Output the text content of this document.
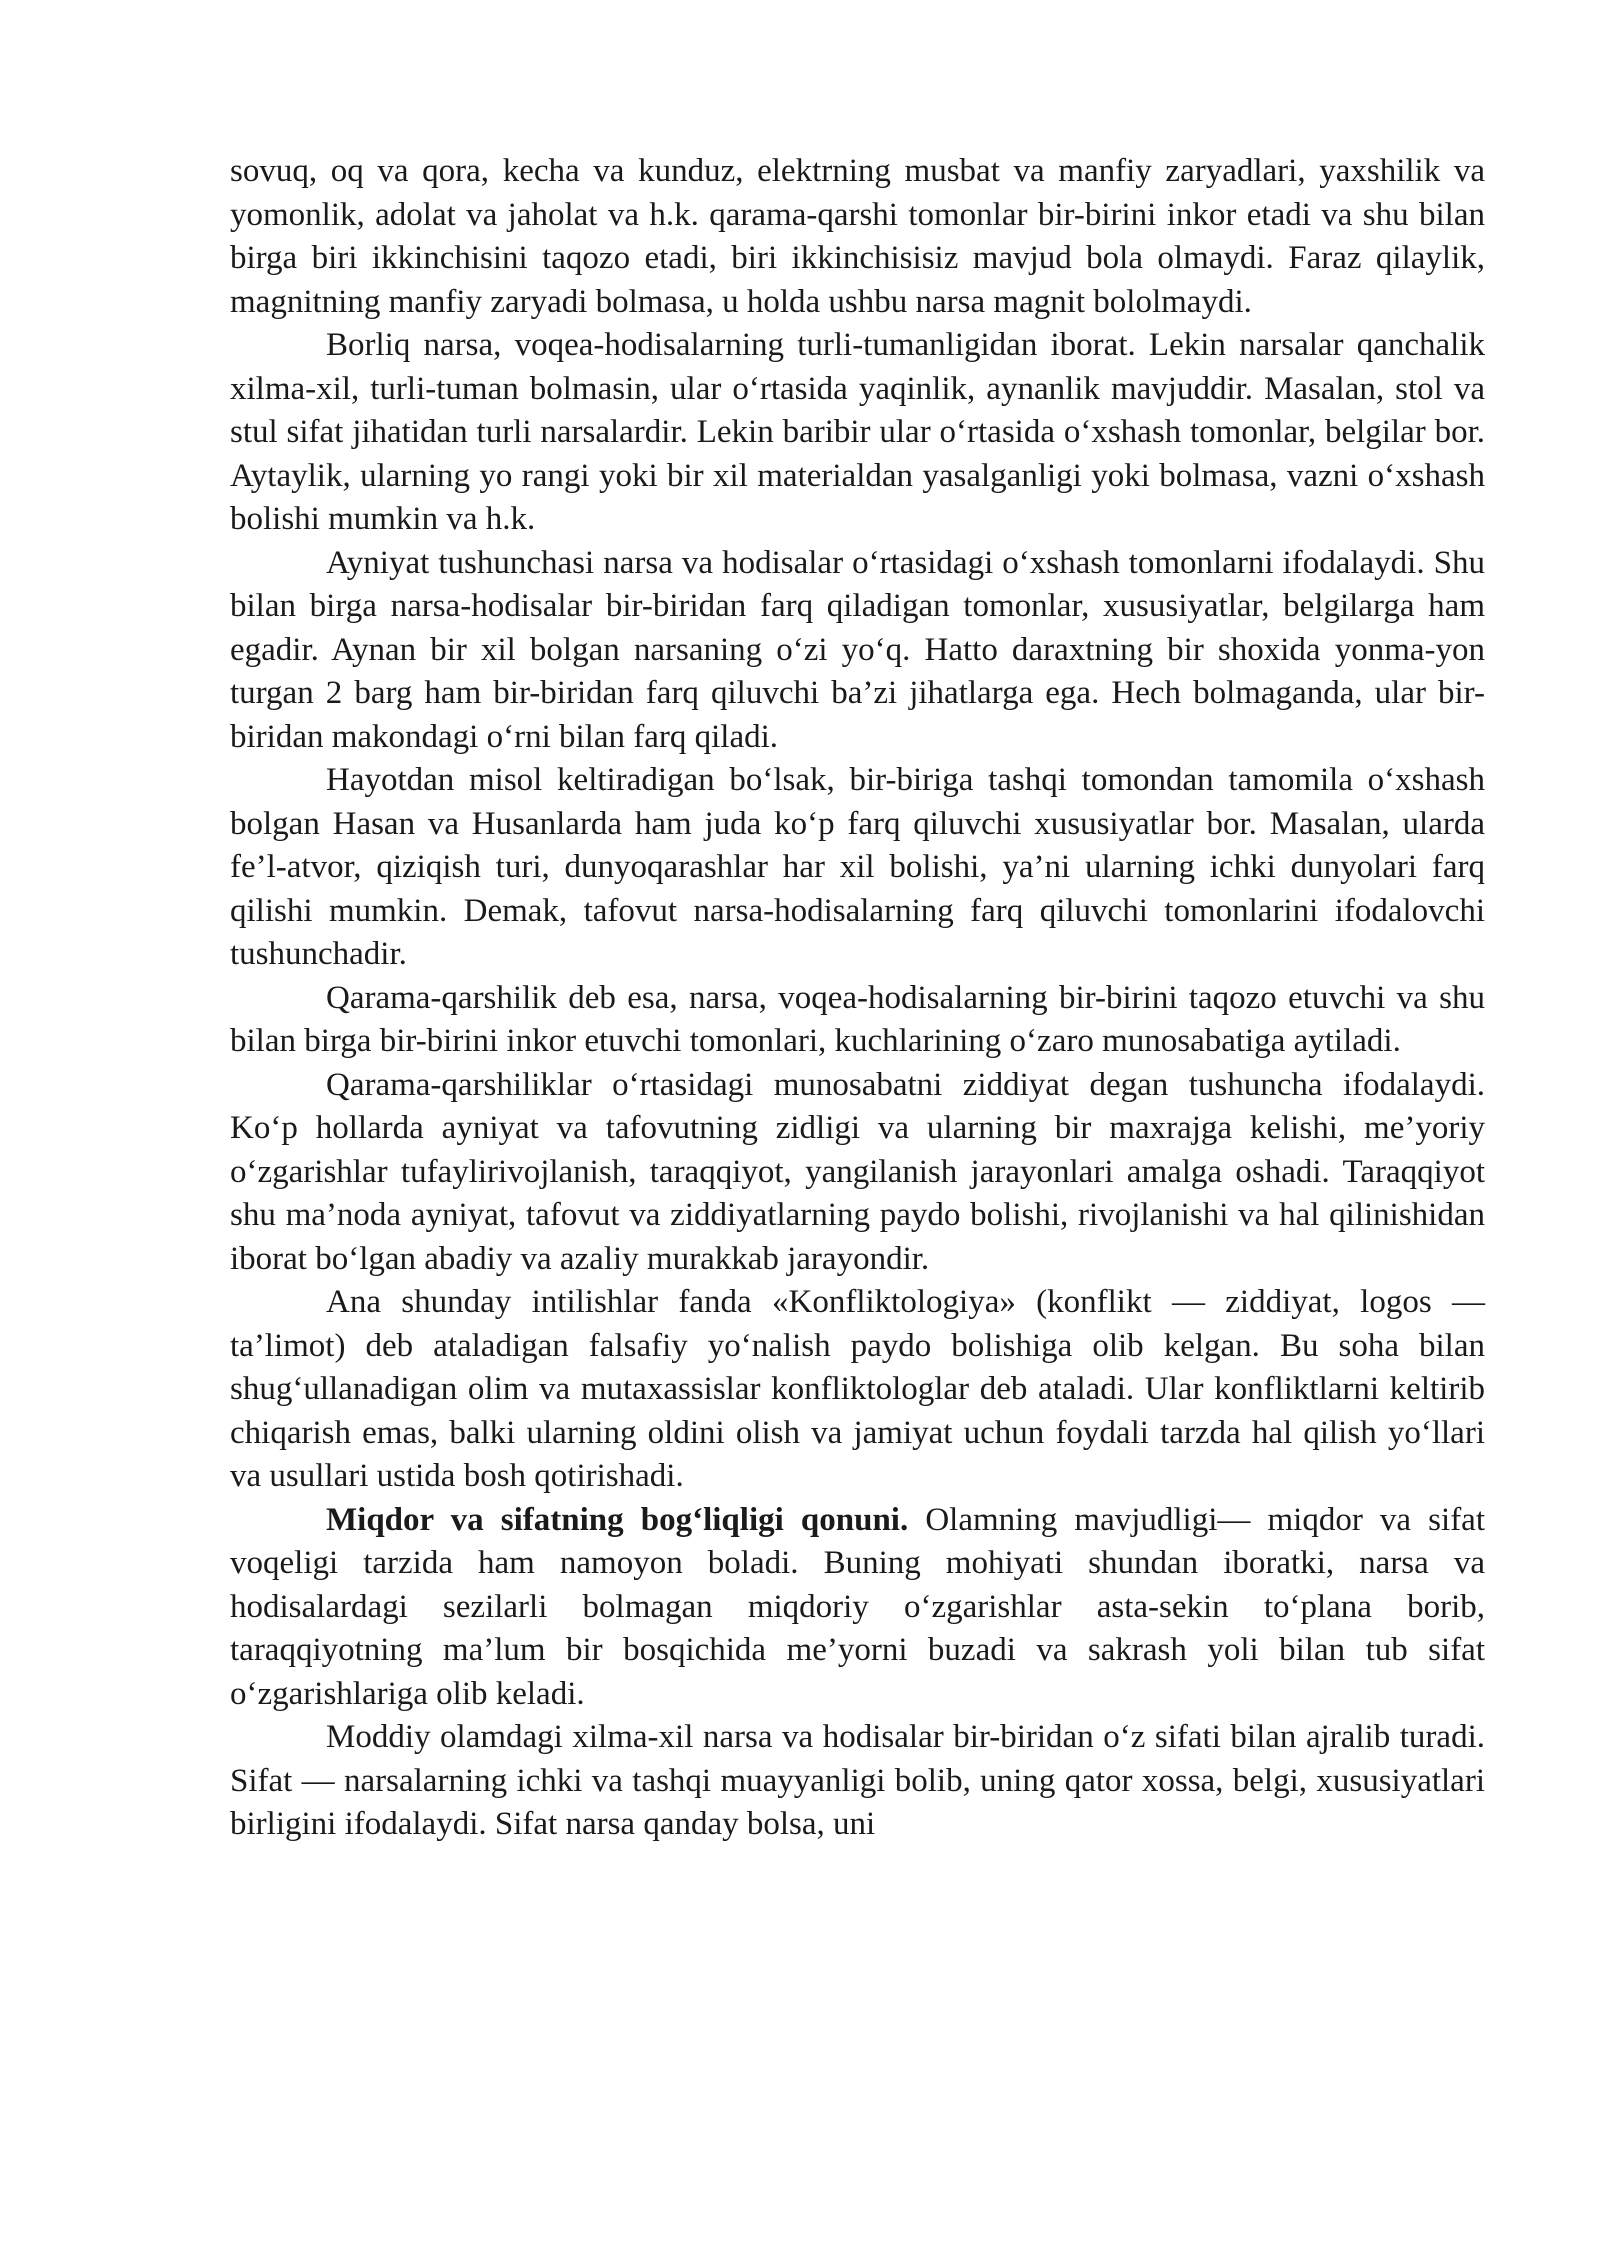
sovuq, oq va qora, kecha va kunduz, elektrning musbat va manfiy zaryadlari, yaxshilik va yomonlik, adolat va jaholat va h.k. qarama-qarshi tomonlar bir-birini inkor etadi va shu bilan birga biri ikkinchisini taqozo etadi, biri ikkinchisisiz mavjud bola olmaydi. Faraz qilaylik, magnitning manfiy zaryadi bolmasa, u holda ushbu narsa magnit bololmaydi.

Borliq narsa, voqea-hodisalarning turli-tumanligidan iborat. Lekin narsalar qanchalik xilma-xil, turli-tuman bolmasin, ular o‘rtasida yaqinlik, aynanlik mavjuddir. Masalan, stol va stul sifat jihatidan turli narsalardir. Lekin baribir ular o‘rtasida o‘xshash tomonlar, belgilar bor. Aytaylik, ularning yo rangi yoki bir xil materialdan yasalganligi yoki bolmasa, vazni o‘xshash bolishi mumkin va h.k.

Ayniyat tushunchasi narsa va hodisalar o‘rtasidagi o‘xshash tomonlarni ifodalaydi. Shu bilan birga narsa-hodisalar bir-biridan farq qiladigan tomonlar, xususiyatlar, belgilarga ham egadir. Aynan bir xil bolgan narsaning o‘zi yo‘q. Hatto daraxtning bir shoxida yonma-yon turgan 2 barg ham bir-biridan farq qiluvchi ba’zi jihatlarga ega. Hech bolmaganda, ular bir-biridan makondagi o‘rni bilan farq qiladi.

Hayotdan misol keltiradigan bo‘lsak, bir-biriga tashqi tomondan tamomila o‘xshash bolgan Hasan va Husanlarda ham juda ko‘p farq qiluvchi xususiyatlar bor. Masalan, ularda fe’l-atvor, qiziqish turi, dunyoqarashlar har xil bolishi, ya’ni ularning ichki dunyolari farq qilishi mumkin. Demak, tafovut narsa-hodisalarning farq qiluvchi tomonlarini ifodalovchi tushunchadir.

Qarama-qarshilik deb esa, narsa, voqea-hodisalarning bir-birini taqozo etuvchi va shu bilan birga bir-birini inkor etuvchi tomonlari, kuchlarining o‘zaro munosabatiga aytiladi.

Qarama-qarshiliklar o‘rtasidagi munosabatni ziddiyat degan tushuncha ifodalaydi. Ko‘p hollarda ayniyat va tafovutning zidligi va ularning bir maxrajga kelishi, me’yoriy o‘zgarishlar tufaylirivojlanish, taraqqiyot, yangilanish jarayonlari amalga oshadi. Taraqqiyot shu ma’noda ayniyat, tafovut va ziddiyatlarning paydo bolishi, rivojlanishi va hal qilinishidan iborat bo‘lgan abadiy va azaliy murakkab jarayondir.

Ana shunday intilishlar fanda «Konfliktologiya» (konflikt — ziddiyat, logos — ta’limot) deb ataladigan falsafiy yo‘nalish paydo bolishiga olib kelgan. Bu soha bilan shug‘ullanadigan olim va mutaxassislar konfliktologlar deb ataladi. Ular konfliktlarni keltirib chiqarish emas, balki ularning oldini olish va jamiyat uchun foydali tarzda hal qilish yo‘llari va usullari ustida bosh qotirishadi.

Miqdor va sifatning bog‘liqligi qonuni. Olamning mavjudligi— miqdor va sifat voqeligi tarzida ham namoyon boladi. Buning mohiyati shundan iboratki, narsa va hodisalardagi sezilarli bolmagan miqdoriy o‘zgarishlar asta-sekin to‘plana borib, taraqqiyotning ma’lum bir bosqichida me’yorni buzadi va sakrash yoli bilan tub sifat o‘zgarishlariga olib keladi.

Moddiy olamdagi xilma-xil narsa va hodisalar bir-biridan o‘z sifati bilan ajralib turadi. Sifat — narsalarning ichki va tashqi muayyanligi bolib, uning qator xossa, belgi, xususiyatlari birligini ifodalaydi. Sifat narsa qanday bolsa, uni
